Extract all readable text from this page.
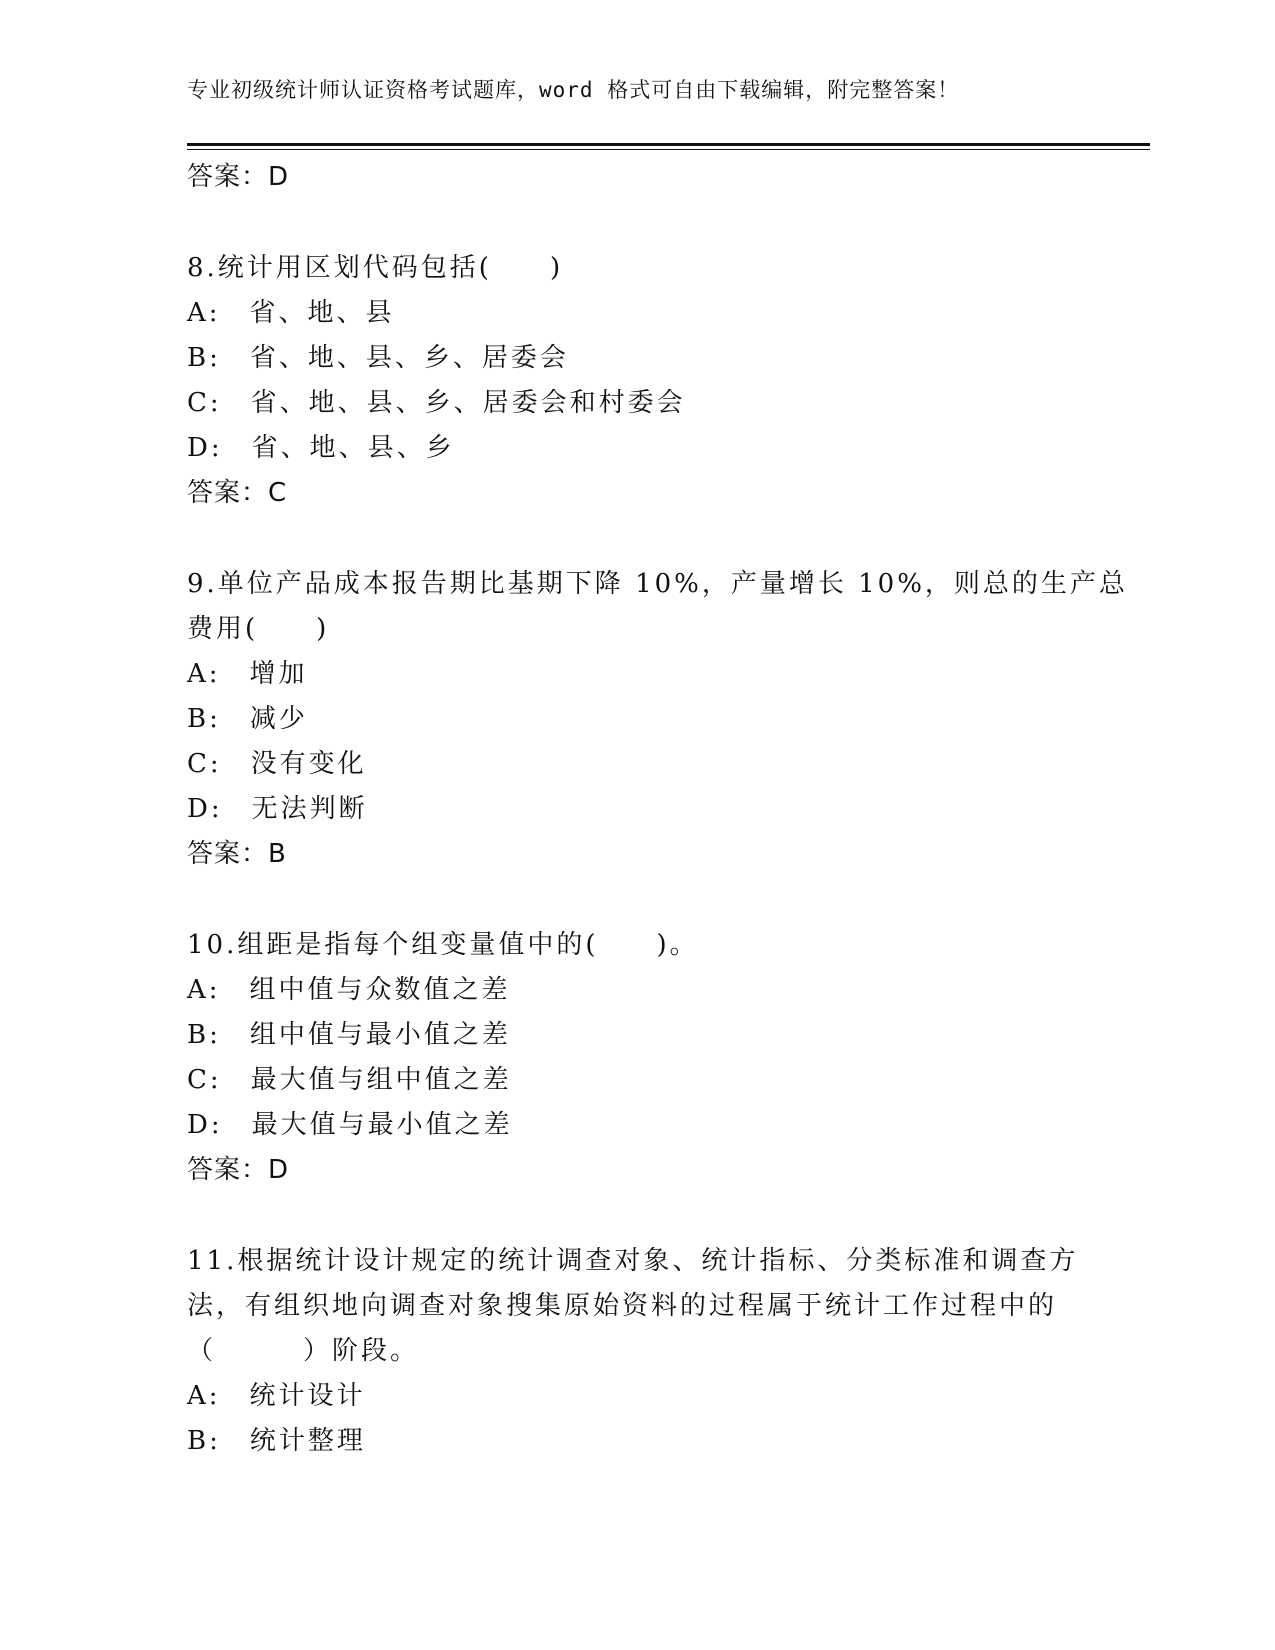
专业初级统计师认证资格考试题库，word 格式可自由下载编辑，附完整答案！
答案：D
8.统计用区划代码包括(　　)
A:　省、地、县
B:　省、地、县、乡、居委会
C:　省、地、县、乡、居委会和村委会
D:　省、地、县、乡
答案：C
9.单位产品成本报告期比基期下降 10%，产量增长 10%，则总的生产总
费用(　　)
A:　增加
B:　减少
C:　没有变化
D:　无法判断
答案：B
10.组距是指每个组变量值中的(　　)。
A:　组中值与众数值之差
B:　组中值与最小值之差
C:　最大值与组中值之差
D:　最大值与最小值之差
答案：D
11.根据统计设计规定的统计调查对象、统计指标、分类标准和调查方
法，有组织地向调查对象搜集原始资料的过程属于统计工作过程中的
（　　　）阶段。
A:　统计设计
B:　统计整理
